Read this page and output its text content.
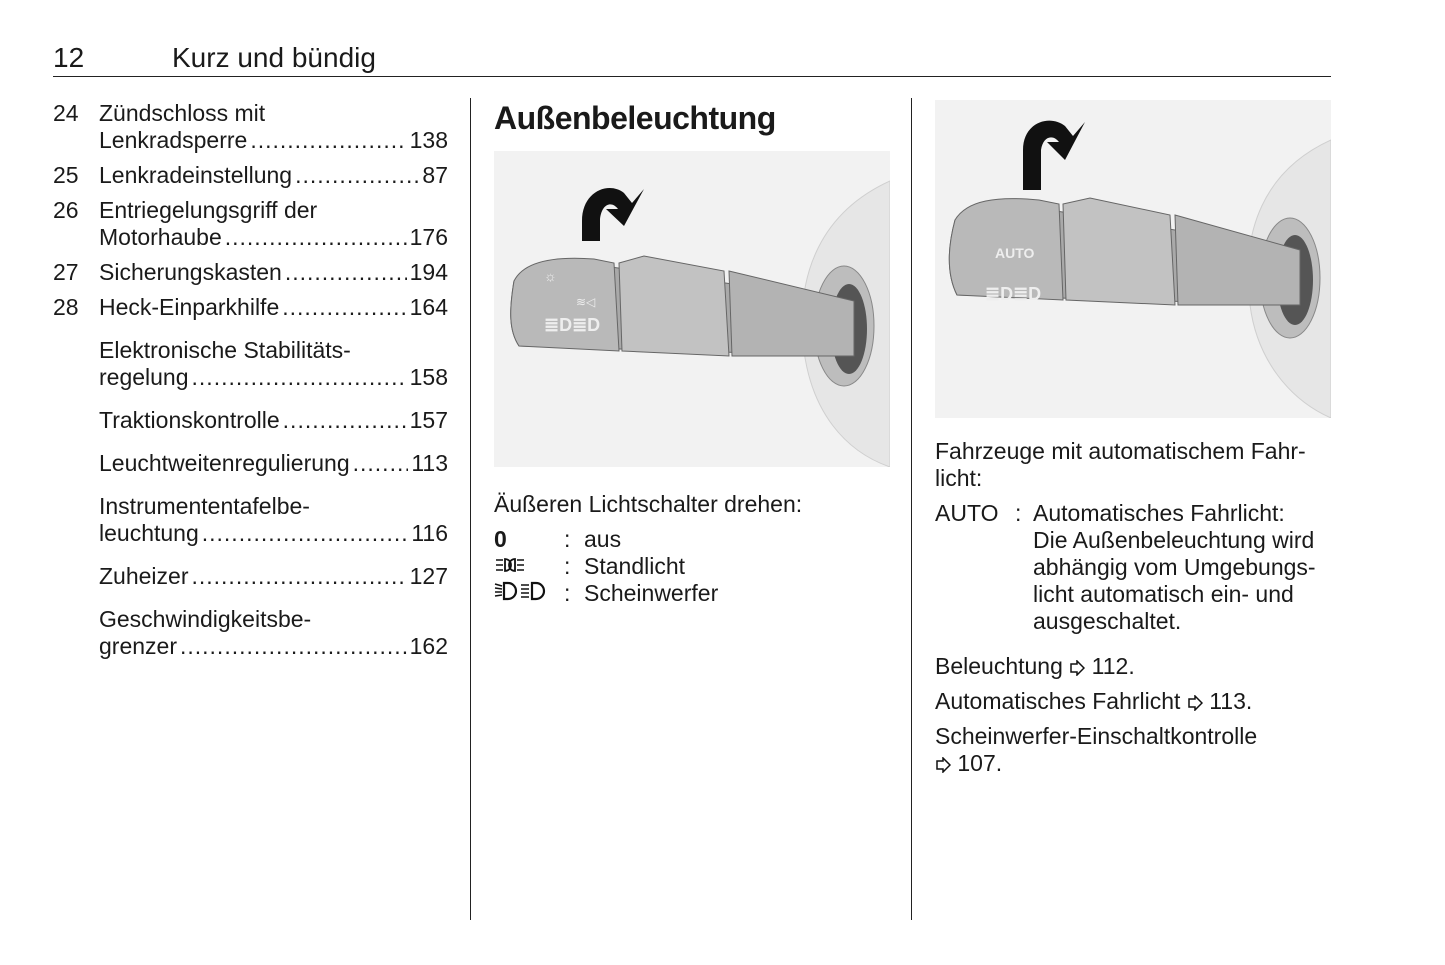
12	Kurz und bündig
24 Zündschloss mit
Lenkradsperre .....	138
25 Lenkradeinstellung .....	87
26 Entriegelungsgriff der
Motorhaube .....	176
27 Sicherungskasten .....	194
28 Heck-Einparkhilfe .....	164
Elektronische Stabilitäts-
regelung .....	158
Traktionskontrolle .....	157
Leuchtweitenregulierung .....	113
Instrumententafelbe-
leuchtung .....	116
Zuheizer .....	127
Geschwindigkeitsbe-
grenzer .....	162
Außenbeleuchtung
≣D≣D
☼
≋◁
Äußeren Lichtschalter drehen:
0	: aus
: Standlicht
: Scheinwerfer
AUTO
≣D≣D
Fahrzeuge mit automatischem Fahr-
licht:
AUTO : Automatisches Fahrlicht:
Die Außenbeleuchtung wird
abhängig vom Umgebungs-
licht automatisch ein- und
ausgeschaltet.
Beleuchtung 112.
Automatisches Fahrlicht 113.
Scheinwerfer-Einschaltkontrolle
107.
